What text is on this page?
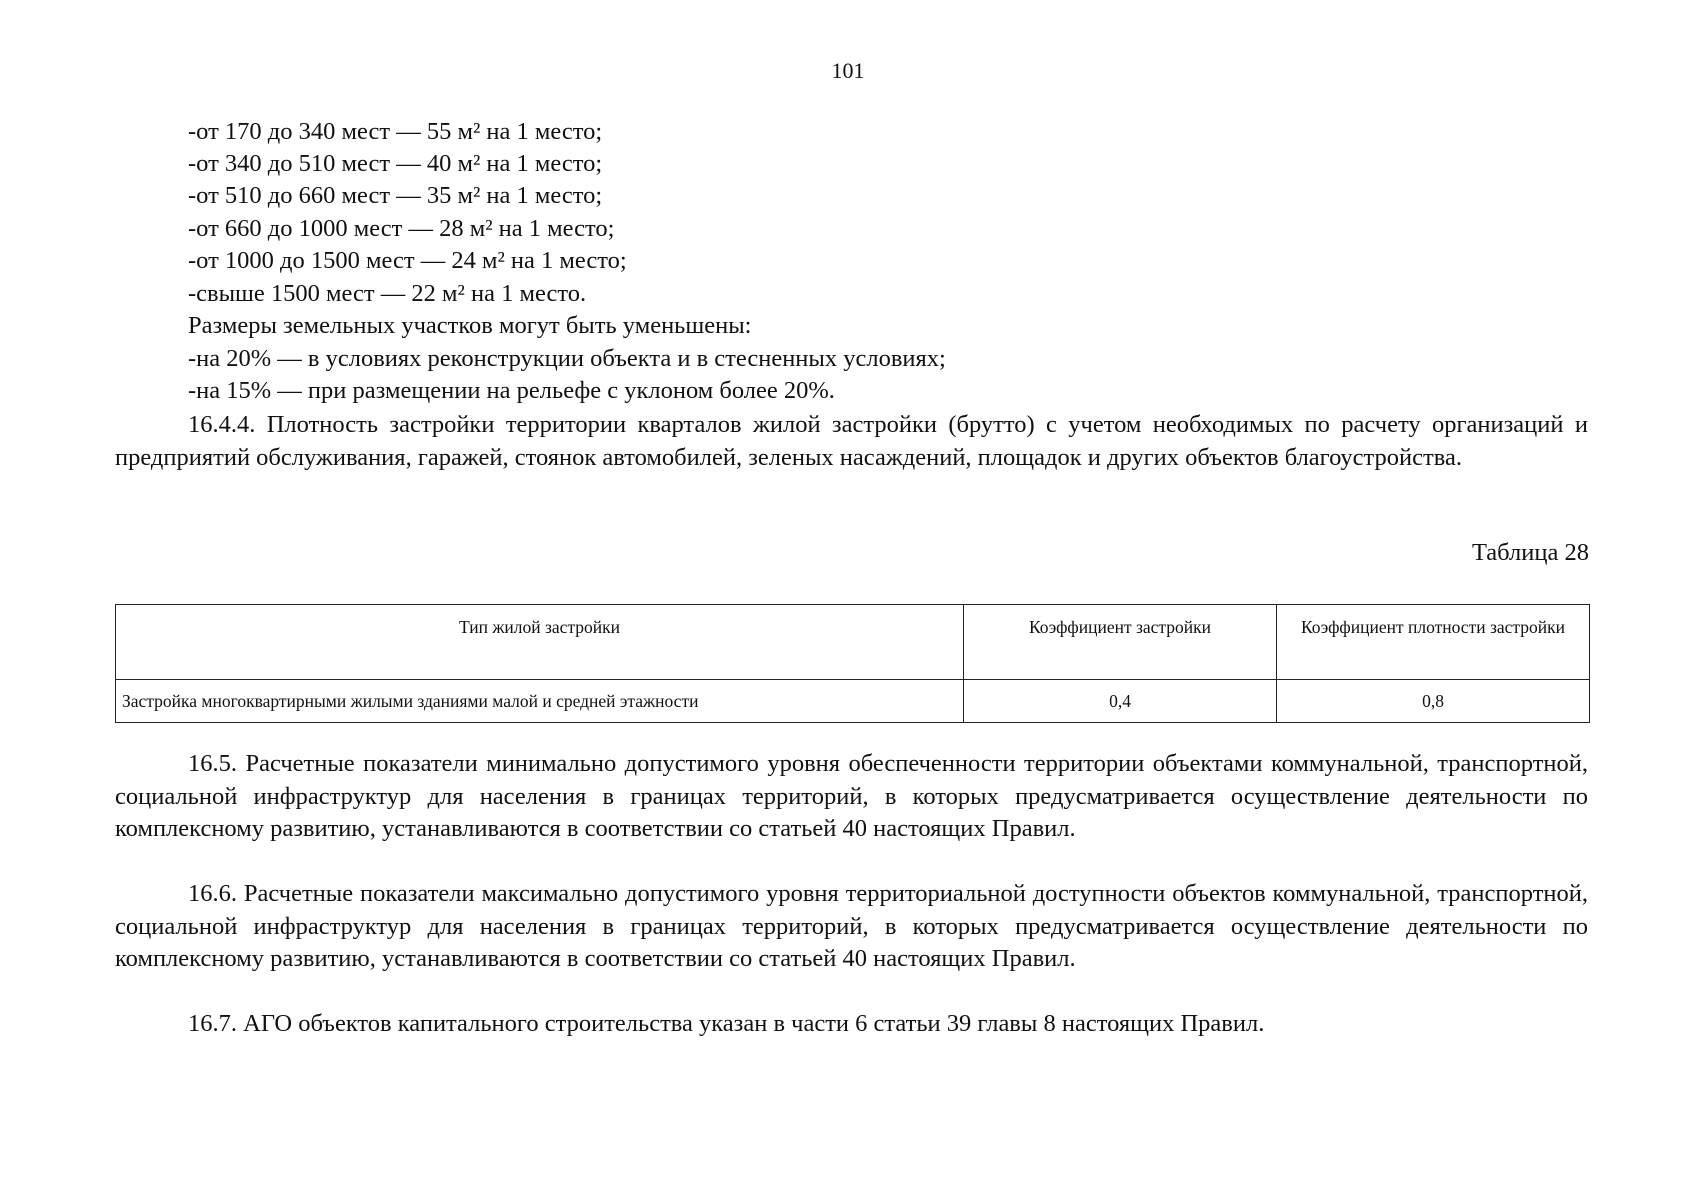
101
-от 170 до 340 мест — 55 м² на 1 место;
-от 340 до 510 мест — 40 м² на 1 место;
-от 510 до 660 мест — 35 м² на 1 место;
-от 660 до 1000 мест — 28 м² на 1 место;
-от 1000 до 1500 мест — 24 м² на 1 место;
-свыше 1500 мест — 22 м² на 1 место.
Размеры земельных участков могут быть уменьшены:
-на 20% — в условиях реконструкции объекта и в стесненных условиях;
-на 15% — при размещении на рельефе с уклоном более 20%.
16.4.4. Плотность застройки территории кварталов жилой застройки (брутто) с учетом необходимых по расчету организаций и предприятий обслуживания, гаражей, стоянок автомобилей, зеленых насаждений, площадок и других объектов благоустройства.
Таблица 28
Тип жилой застройки	Коэффициент застройки	Коэффициент плотности застройки
Застройка многоквартирными жилыми зданиями малой и средней этажности	0,4	0,8
16.5. Расчетные показатели минимально допустимого уровня обеспеченности территории объектами коммунальной, транспортной, социальной инфраструктур для населения в границах территорий, в которых предусматривается осуществление деятельности по комплексному развитию, устанавливаются в соответствии со статьей 40 настоящих Правил.
16.6. Расчетные показатели максимально допустимого уровня территориальной доступности объектов коммунальной, транспортной, социальной инфраструктур для населения в границах территорий, в которых предусматривается осуществление деятельности по комплексному развитию, устанавливаются в соответствии со статьей 40 настоящих Правил.
16.7. АГО объектов капитального строительства указан в части 6 статьи 39 главы 8 настоящих Правил.
